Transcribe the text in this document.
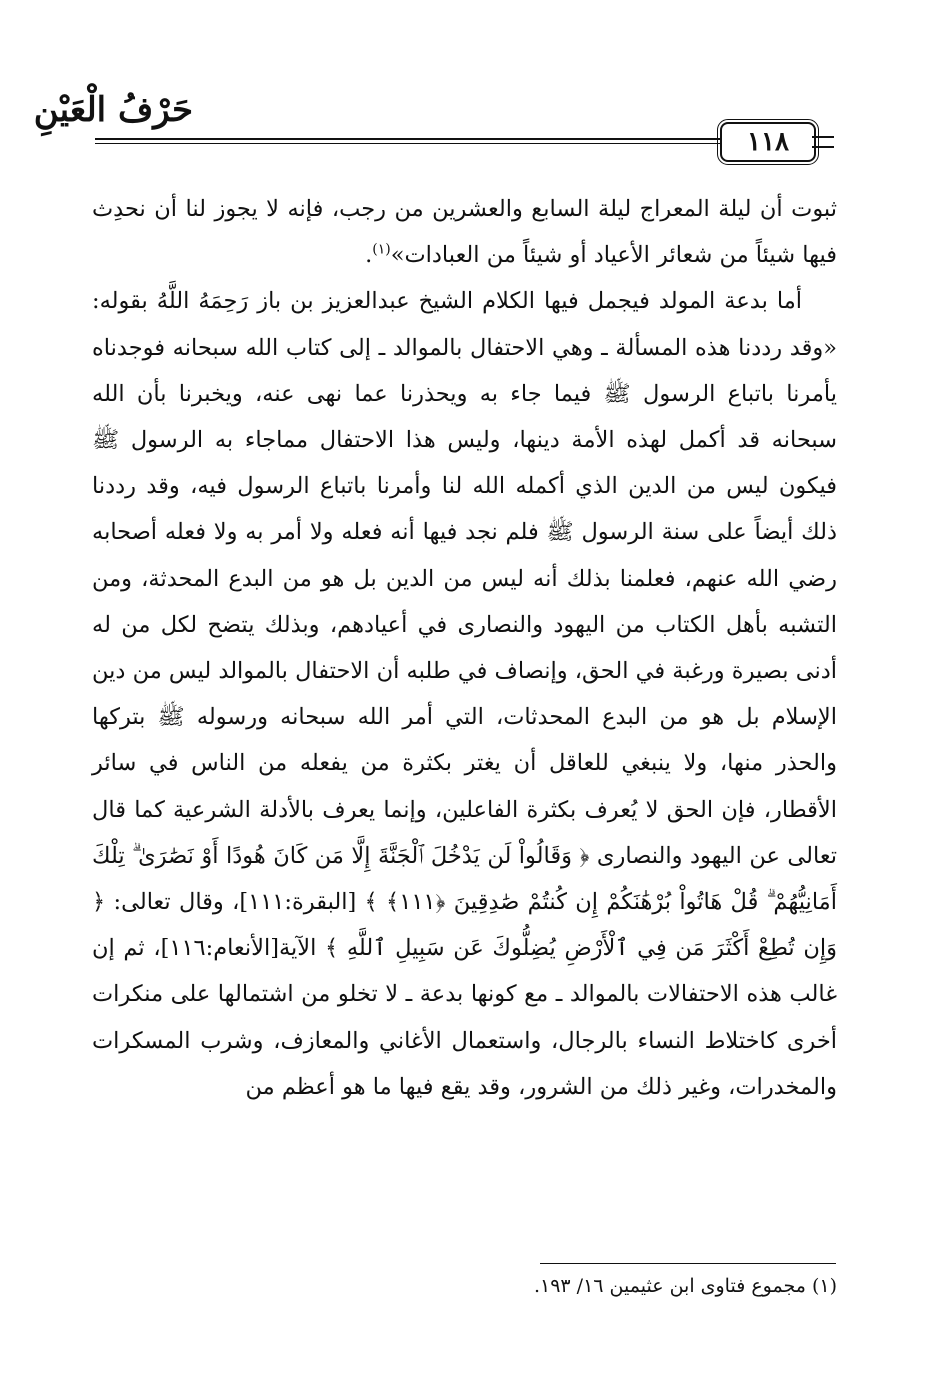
حَرْفُ الْعَيْنِ
١١٨

ثبوت أن ليلة المعراج ليلة السابع والعشرين من رجب، فإنه لا يجوز لنا أن نحدِث فيها شيئاً من شعائر الأعياد أو شيئاً من العبادات»$^{(١)}$.

أما بدعة المولد فيجمل فيها الكلام الشيخ عبدالعزيز بن باز رَحِمَهُ اللَّهُ بقوله: «وقد رددنا هذه المسألة ـ وهي الاحتفال بالموالد ـ إلى كتاب الله سبحانه فوجدناه يأمرنا باتباع الرسول ﷺ فيما جاء به ويحذرنا عما نهى عنه، ويخبرنا بأن الله سبحانه قد أكمل لهذه الأمة دينها، وليس هذا الاحتفال مماجاء به الرسول ﷺ فيكون ليس من الدين الذي أكمله الله لنا وأمرنا باتباع الرسول فيه، وقد رددنا ذلك أيضاً على سنة الرسول ﷺ فلم نجد فيها أنه فعله ولا أمر به ولا فعله أصحابه رضي الله عنهم، فعلمنا بذلك أنه ليس من الدين بل هو من البدع المحدثة، ومن التشبه بأهل الكتاب من اليهود والنصارى في أعيادهم، وبذلك يتضح لكل من له أدنى بصيرة ورغبة في الحق، وإنصاف في طلبه أن الاحتفال بالموالد ليس من دين الإسلام بل هو من البدع المحدثات، التي أمر الله سبحانه ورسوله ﷺ بتركها والحذر منها، ولا ينبغي للعاقل أن يغتر بكثرة من يفعله من الناس في سائر الأقطار، فإن الحق لا يُعرف بكثرة الفاعلين، وإنما يعرف بالأدلة الشرعية كما قال تعالى عن اليهود والنصارى ﴿ وَقَالُواْ لَن يَدْخُلَ ٱلْجَنَّةَ إِلَّا مَن كَانَ هُودًا أَوْ نَصَٰرَىٰ ۗ تِلْكَ أَمَانِيُّهُمْ ۗ قُلْ هَاتُواْ بُرْهَٰنَكُمْ إِن كُنتُمْ صَٰدِقِينَ ﴿١١١﴾ ﴾ [البقرة:١١١]، وقال تعالى: ﴿ وَإِن تُطِعْ أَكْثَرَ مَن فِي ٱلْأَرْضِ يُضِلُّوكَ عَن سَبِيلِ ٱللَّهِ ﴾ الآية[الأنعام:١١٦]، ثم إن غالب هذه الاحتفالات بالموالد ـ مع كونها بدعة ـ لا تخلو من اشتمالها على منكرات أخرى كاختلاط النساء بالرجال، واستعمال الأغاني والمعازف، وشرب المسكرات والمخدرات، وغير ذلك من الشرور، وقد يقع فيها ما هو أعظم من

(١) مجموع فتاوى ابن عثيمين ١٦/ ١٩٣.
